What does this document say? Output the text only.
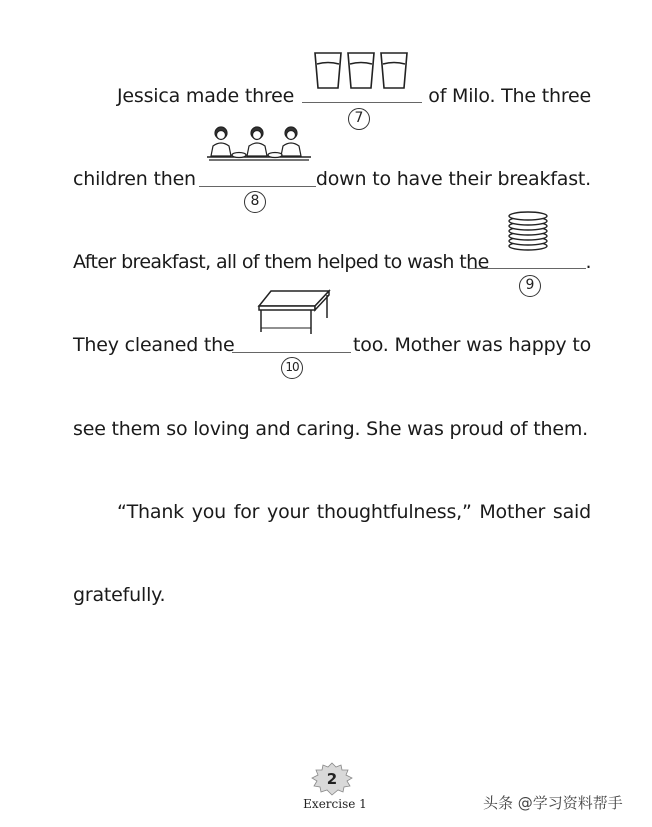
Jessica made three	of Milo. The three
7
children then	down to have their breakfast.
8
After breakfast, all of them helped to wash the	.
9
They cleaned the	too. Mother was happy to
10
see them so loving and caring. She was proud of them.
“Thank you for your thoughtfulness,” Mother said
gratefully.
2
Exercise 1	头条 @学习资料帮手
